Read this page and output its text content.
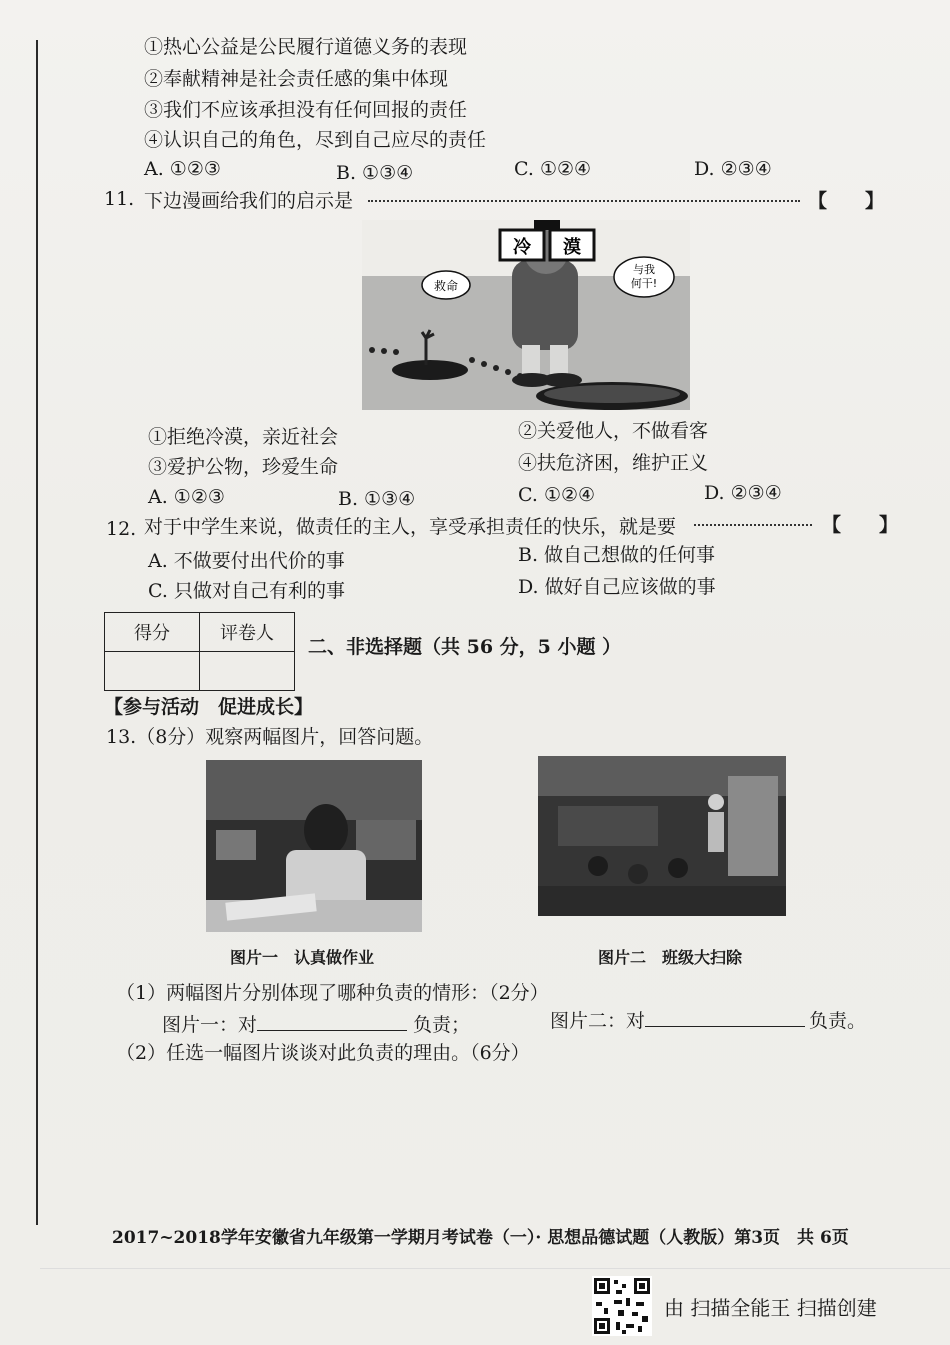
①热心公益是公民履行道德义务的表现
②奉献精神是社会责任感的集中体现
③我们不应该承担没有任何回报的责任
④认识自己的角色，尽到自己应尽的责任
A. ①②③	B. ①③④	C. ①②④	D. ②③④
11. 下边漫画给我们的启示是	【　　】
冷 漠
救命
与我
何干!
①拒绝冷漠，亲近社会	②关爱他人，不做看客
③爱护公物，珍爱生命	④扶危济困，维护正义
A. ①②③	B. ①③④	C. ①②④	D. ②③④
12. 对于中学生来说，做责任的主人，享受承担责任的快乐，就是要	【　　】
A. 不做要付出代价的事	B. 做自己想做的任何事
C. 只做对自己有利的事	D. 做好自己应该做的事
得分	评卷人

二、非选择题（共 56 分，5 小题 ）
【参与活动　促进成长】
13.（8分）观察两幅图片，回答问题。
图片一　认真做作业	图片二　班级大扫除
（1）两幅图片分别体现了哪种负责的情形：（2分）
图片一：对	负责；	图片二：对	负责。
（2）任选一幅图片谈谈对此负责的理由。（6分）
2017~2018学年安徽省九年级第一学期月考试卷（一）· 思想品德试题（人教版）第3页　共 6页
由 扫描全能王 扫描创建
